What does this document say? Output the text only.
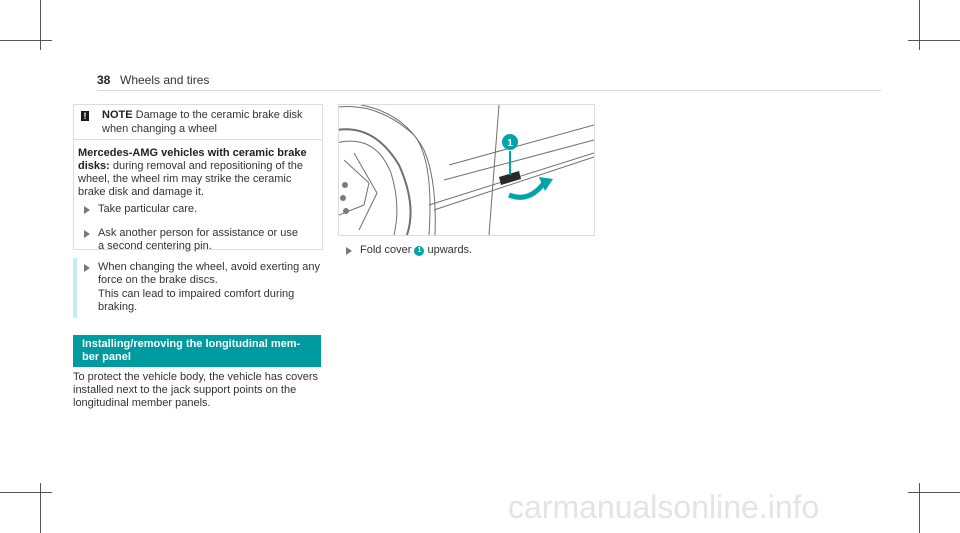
38 Wheels and tires
! NOTE Damage to the ceramic brake disk when changing a wheel
Mercedes-AMG vehicles with ceramic brake disks: during removal and repositioning of the wheel, the wheel rim may strike the ceramic brake disk and damage it.
Take particular care.
Ask another person for assistance or use a second centering pin.
When changing the wheel, avoid exerting any force on the brake discs.
This can lead to impaired comfort during braking.
Installing/removing the longitudinal mem-
ber panel
To protect the vehicle body, the vehicle has covers installed next to the jack support points on the longitudinal member panels.
1
Fold cover 1 upwards.
carmanualsonline.info
